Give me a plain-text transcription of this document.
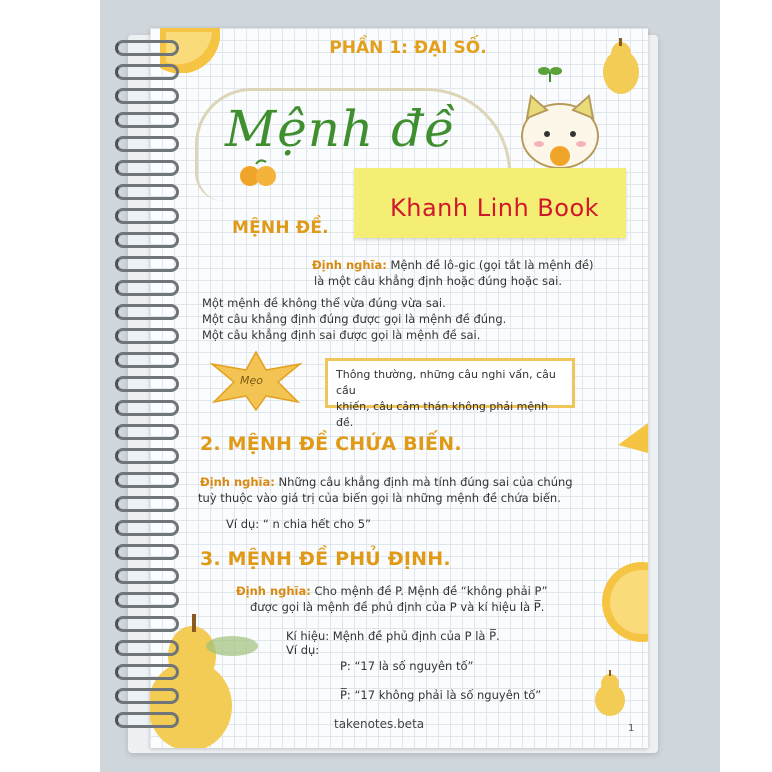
PHẦN 1: ĐẠI SỐ.
Mệnh đề
Khanh Linh Book
MỆNH ĐỀ.
Định nghĩa: Mệnh đề lô-gic (gọi tắt là mệnh đề)
là một câu khẳng định hoặc đúng hoặc sai.
Một mệnh đề không thể vừa đúng vừa sai.
Một câu khẳng định đúng được gọi là mệnh đề đúng.
Một câu khẳng định sai được gọi là mệnh đề sai.
Mẹo	Thông thường, những câu nghi vấn, câu cầu
khiến, câu cảm thán không phải mệnh đề.
2. MỆNH ĐỀ CHỨA BIẾN.
Định nghĩa: Những câu khẳng định mà tính đúng sai của chúng
tuỳ thuộc vào giá trị của biến gọi là những mệnh đề chứa biến.
Ví dụ: “ n chia hết cho 5”
3. MỆNH ĐỀ PHỦ ĐỊNH.
Định nghĩa: Cho mệnh đề P. Mệnh đề “không phải P”
được gọi là mệnh đề phủ định của P và kí hiệu là P̅.
Kí hiệu: Mệnh đề phủ định của P là P̅.
Ví dụ:
P: “17 là số nguyên tố”
P̅: “17 không phải là số nguyên tố”
takenotes.beta	1
